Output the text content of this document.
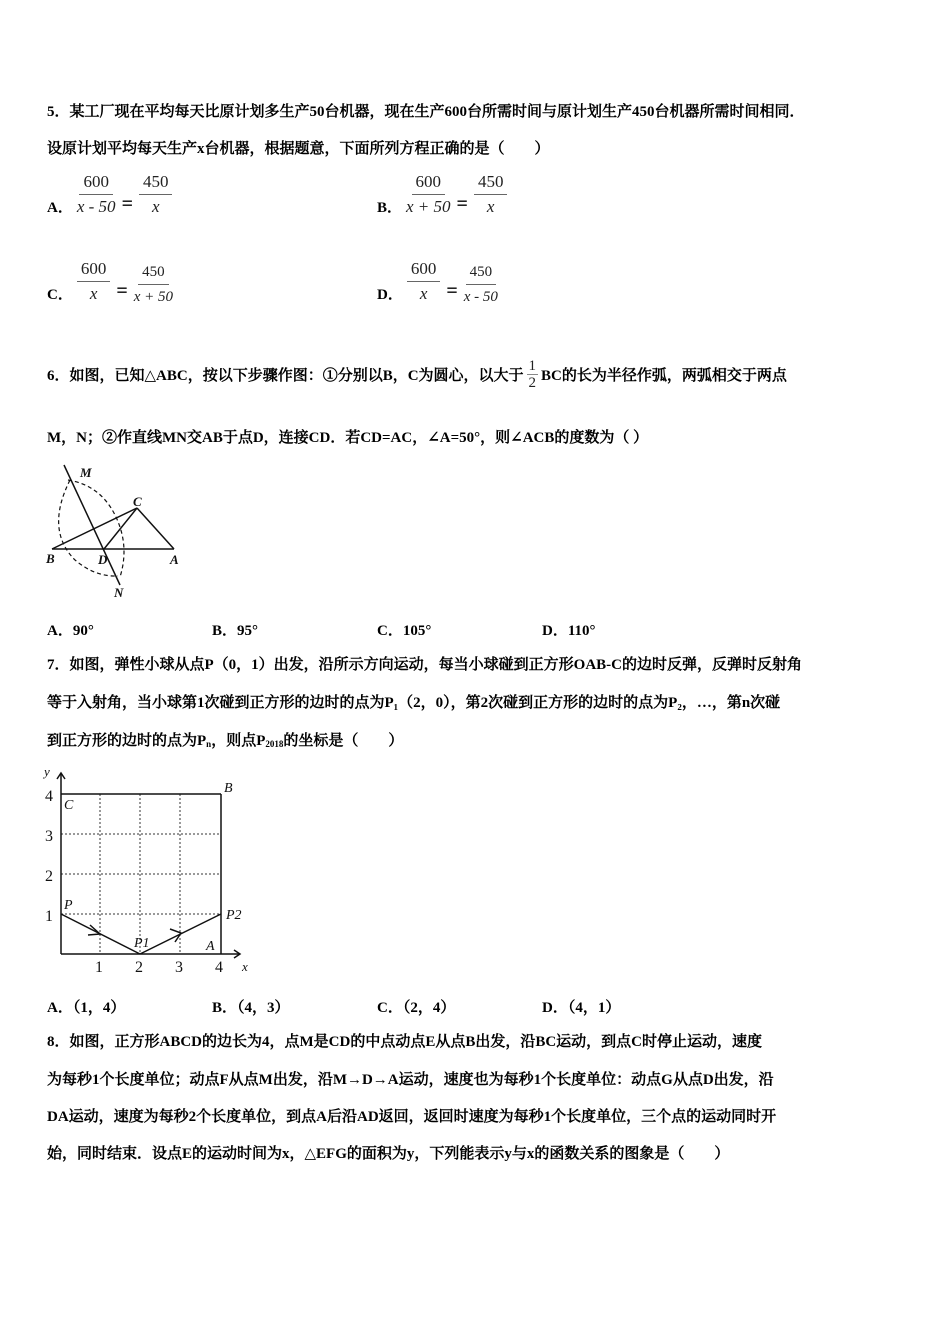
5．某工厂现在平均每天比原计划多生产50台机器，现在生产600台所需时间与原计划生产450台机器所需时间相同．
设原计划平均每天生产x台机器，根据题意，下面所列方程正确的是（　　）
A． $\frac{600}{x - 50} = \frac{450}{x}$	B． $\frac{600}{x + 50} = \frac{450}{x}$
C． $\frac{600}{x} = \frac{450}{x + 50}$	D． $\frac{600}{x} = \frac{450}{x - 50}$
6．如图，已知△ABC，按以下步骤作图：①分别以B，C为圆心，以大于 $\frac{1}{2}$ BC的长为半径作弧，两弧相交于两点
M，N；②作直线MN交AB于点D，连接CD．若CD=AC，∠A=50°，则∠ACB的度数为（ ）
M
C
B	D	A
N
A．90°	B．95°	C．105°	D．110°
7．如图，弹性小球从点P（0，1）出发，沿所示方向运动，每当小球碰到正方形OAB-C的边时反弹，反弹时反射角
等于入射角，当小球第1次碰到正方形的边时的点为P₁（2，0），第2次碰到正方形的边时的点为P₂，…，第n次碰
到正方形的边时的点为$P_n$，则点$P_{2018}$的坐标是（　　）
y
x
4
3
2
1
1 2 3 4
C
B
P
P1
P2
A
A．（1，4）	B．（4，3）	C．（2，4）	D．（4，1）
8．如图，正方形ABCD的边长为4，点M是CD的中点动点E从点B出发，沿BC运动，到点C时停止运动，速度
为每秒1个长度单位；动点F从点M出发，沿M→D→A运动，速度也为每秒1个长度单位：动点G从点D出发，沿
DA运动，速度为每秒2个长度单位，到点A后沿AD返回，返回时速度为每秒1个长度单位，三个点的运动同时开
始，同时结束．设点E的运动时间为x，△EFG的面积为y，下列能表示y与x的函数关系的图象是（　　）
